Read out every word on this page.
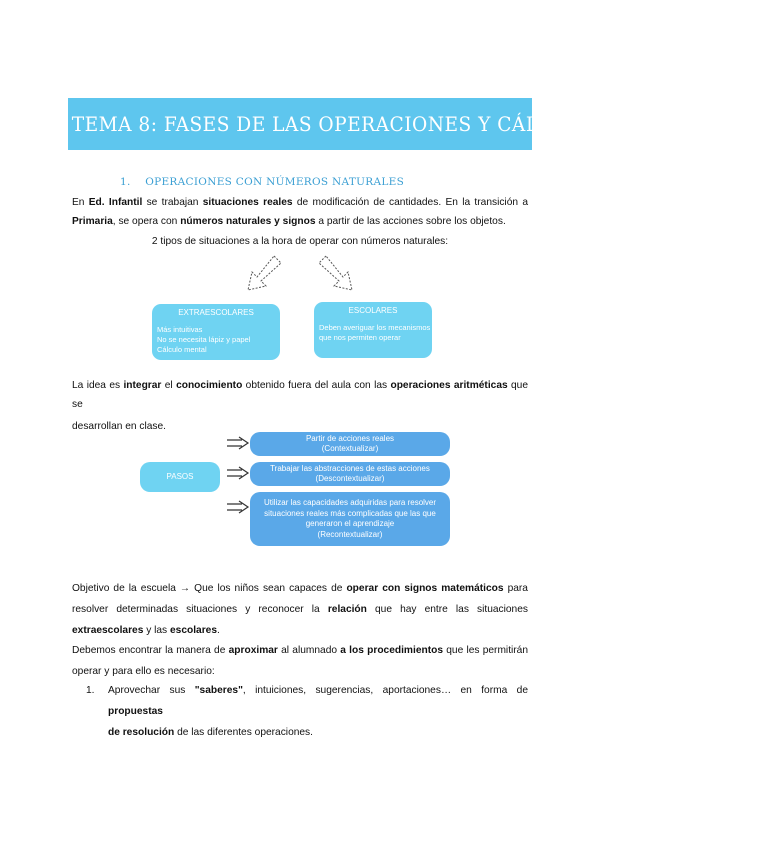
TEMA 8: FASES DE LAS OPERACIONES Y CÁLCULO OPERACIONAL
1. OPERACIONES CON NÚMEROS NATURALES
En Ed. Infantil se trabajan situaciones reales de modificación de cantidades. En la transición a
Primaria, se opera con números naturales y signos a partir de las acciones sobre los objetos.
2 tipos de situaciones a la hora de operar con números naturales:
EXTRAESCOLARES
Más intuitivas
No se necesita lápiz y papel
Cálculo mental
ESCOLARES
Deben averiguar los mecanismos
que nos permiten operar
La idea es integrar el conocimiento obtenido fuera del aula con las operaciones aritméticas que se
desarrollan en clase.
PASOS
Partir de acciones reales
(Contextualizar)
Trabajar las abstracciones de estas acciones
(Descontextualizar)
Utilizar las capacidades adquiridas para resolver
situaciones reales más complicadas que las que
generaron el aprendizaje
(Recontextualizar)
Objetivo de la escuela → Que los niños sean capaces de operar con signos matemáticos para
resolver determinadas situaciones y reconocer la relación que hay entre las situaciones
extraescolares y las escolares.
Debemos encontrar la manera de aproximar al alumnado a los procedimientos que les permitirán
operar y para ello es necesario:
1. Aprovechar sus "saberes", intuiciones, sugerencias, aportaciones… en forma de propuestas
de resolución de las diferentes operaciones.
